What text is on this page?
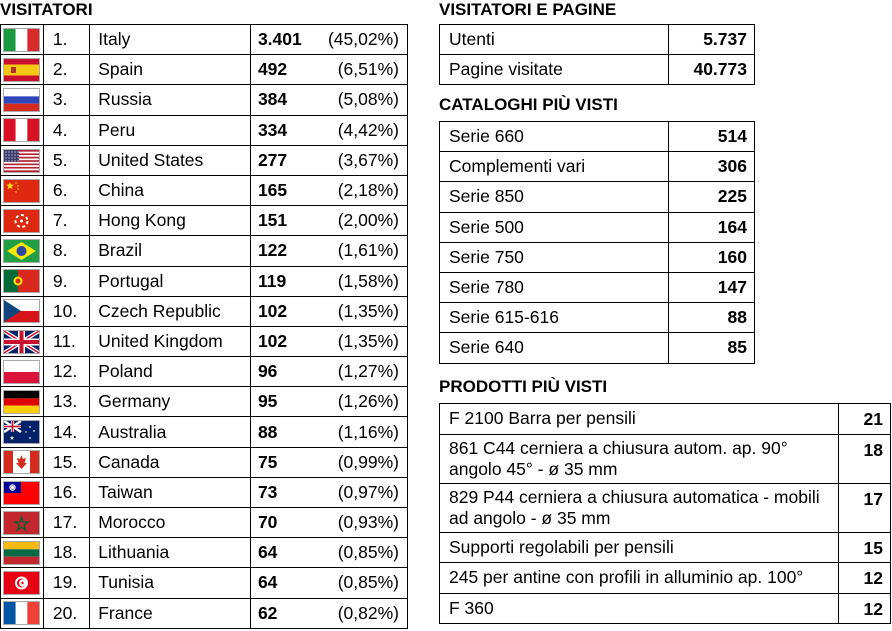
VISITATORI
	1.	Italy	3.401	(45,02%)
	2.	Spain	492	(6,51%)
	3.	Russia	384	(5,08%)
	4.	Peru	334	(4,42%)
	5.	United States	277	(3,67%)
	6.	China	165	(2,18%)
	7.	Hong Kong	151	(2,00%)
	8.	Brazil	122	(1,61%)
	9.	Portugal	119	(1,58%)
	10.	Czech Republic	102	(1,35%)
	11.	United Kingdom	102	(1,35%)
	12.	Poland	96	(1,27%)
	13.	Germany	95	(1,26%)
	14.	Australia	88	(1,16%)
	15.	Canada	75	(0,99%)
	16.	Taiwan	73	(0,97%)
	17.	Morocco	70	(0,93%)
	18.	Lithuania	64	(0,85%)
	19.	Tunisia	64	(0,85%)
	20.	France	62	(0,82%)
VISITATORI E PAGINE
Utenti	5.737
Pagine visitate	40.773
CATALOGHI PIÙ VISTI
Serie 660	514
Complementi vari	306
Serie 850	225
Serie 500	164
Serie 750	160
Serie 780	147
Serie 615-616	88
Serie 640	85
PRODOTTI PIÙ VISTI
F 2100 Barra per pensili	21
861 C44 cerniera a chiusura autom. ap. 90° angolo 45° - ø 35 mm	18
829 P44 cerniera a chiusura automatica - mobili ad angolo - ø 35 mm	17
Supporti regolabili per pensili	15
245 per antine con profili in alluminio ap. 100°	12
F 360	12
